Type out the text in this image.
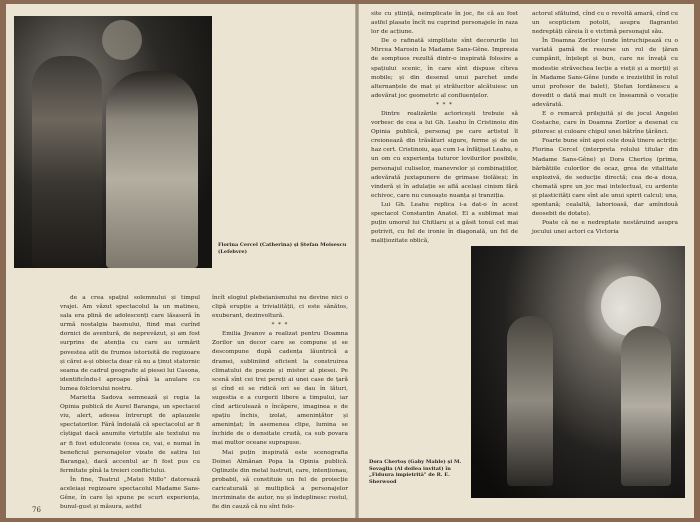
Florina Cercel (Catherina) și Ștefan Moisescu (Lefebvre)

de a crea spațiul solemnului și timpul vrajei. Am văzut spectacolul la un matineu, sala era plină de adolescenți care lăsaseră în urmă nostalgia basmului, fiind mai curînd dornici de aventură, de neprevăzut, și am fost surprins de atenția cu care au urmărit povestea atît de frumos istorisită de regizoare și cărei a-și obiecta doar că nu a ținut statornic seama de cadrul geografic al piesei lui Casona, identificîndu-l aproape pînă la anulare cu lumea folclorului nostru.

Marietta Sadova semnează și regia la Opinia publică de Aurel Baranga, un spectacol viu, alert, adesea întrerupt de aplauzele spectatorilor. Fără îndoială că spectacolul ar fi cîștigat dacă anumite virtuțile ale textului nu ar fi fost edulcorate (ceea ce, vai, e numai în beneficiul personajelor vizate de satira lui Baranga), dacă accentul ar fi fost pus cu fermitate pînă la treieri conflictului.

În fine, Teatrul „Matei Millo" datorează aceleiași regizoare spectacolul Madame Sans-Gêne, în care își spune pe scurt experiența, bunul-gust și măsura, astfel

încît elogiul plebeianismului nu devine nici o clipă erupție a trivialității, ci este sănătos, exuberant, dezinvoltură.

* * *

Emilia Jivanov a realizat pentru Doamna Zorilor un decor care se compune și se descompune după cadența lăuntrică a dramei, subliniind eficient la construirea climatului de poezie și mister al piesei. Pe scenă sînt cei trei pereți ai unei case de țară și cînd ei se ridică ori se dau în lături, sugestia e a curgerii libere a timpului, iar cînd articulează o încăpere, imaginea e de spațiu închis, izolat, amenințător și amenințat; în asemenea clipe, lumina se închide de o densitate crudă, ca sub povara mai multor oceane suprapuse.

Mai puțin inspirată este scenografia Doinei Almănan Popa la Opinia publică. Oglinzile din metal lustruit, care, intenționau, probabil, să constituie un fel de proiecție caricaturală și multiplică a personajelor incriminate de autor, nu și îndeplinesc rostul, fie din cauză că nu sînt folo-

76

site cu știință, neimplicate în joc, fie că au fost astfel plasate încît nu cuprind personajele în raza lor de acțiune.

De o rafinată simplitate sînt decorurile lui Mircea Marosin la Madame Sans-Gêne. Impresia de somptuos rezultă dintr-o inspirată folosire a spațiului scenic, în care sînt dispuse cîteva mobile; și din desenul unui parchet unde alternanțele de mat și strălucitor alcătuiesc un adevărat joc geometric al confluențelor.

* * *

Dintre realizările actoricești trebuie să vorbesc de cea a lui Gh. Leahu în Cristinoiu din Opinia publică, personaj pe care artistul îl creionează din trăsături sigure, ferme și de un haz cert. Cristinoiu, aşa cum l-a înfățișat Leahu, e un om cu experiența tuturor lovilurilor posibile, personajul culiselor, manevrelor și combinațiilor, adevărată juxtapunere de grimase tiolăieși; în vinderă și în adulație se află același cinism fără echivoc, care nu cunoaște nuanța și tranziția.

Lui Gh. Leahu replica i-a dat-o în acest spectacol Constantin Anatol. El a sublimat mai puțin umorul lui Chitlaru și a găsit tonul cel mai potrivit, cu fel de ironie în diagonală, un fel de malițiozitate oblică,

actorul sfătuind, cînd cu o revoltă amară, cînd cu un scepticism potolit, asupra flagrantei nedreptăți căreia îi e victimă personajul său.

În Doamna Zorilor (unde întruchipează cu o variată gamă de resurse un rol de țăran cumpănit, înțelept și bun, care ne învață cu modestie străvechea lecție a vieții și a morții) și în Madame Sans-Gêne (unde e irezistibil în rolul unui profesor de balet), Ștefan Iordănescu a dovedit o dată mai mult ce înseamnă o vocație adevărată.

E o remarcă prilejuită și de jocul Angelei Costache, care în Doamna Zorilor a desenat cu pitoresc și culoare chipul unei bătrîne țărănci.

Foarte bune sînt apoi cele două tinere actrițe: Florina Cercel (interpreta rolului titular din Madame Sans-Gêne) și Dora Chertoș (prima, bărbătiile culorilor de ocaz, grea de vitalitate explozivă, de seducție directă; cea de-a doua, chemată spre un joc mai intelectual, cu ardente și plasticități care sînt ale unui spirit calcul; una, spontană; cealaltă, laborioasă, dar amîndouă deosebit de dotate).

Poate că ne e nedreptate nestăruind asupra jocului unei actori ca Victoria

Dora Chertoș (Gaby Mahle) și M. Sovaglia (Al doilea invitat) în „Fiduura impietrită" de R. E. Sherwood
